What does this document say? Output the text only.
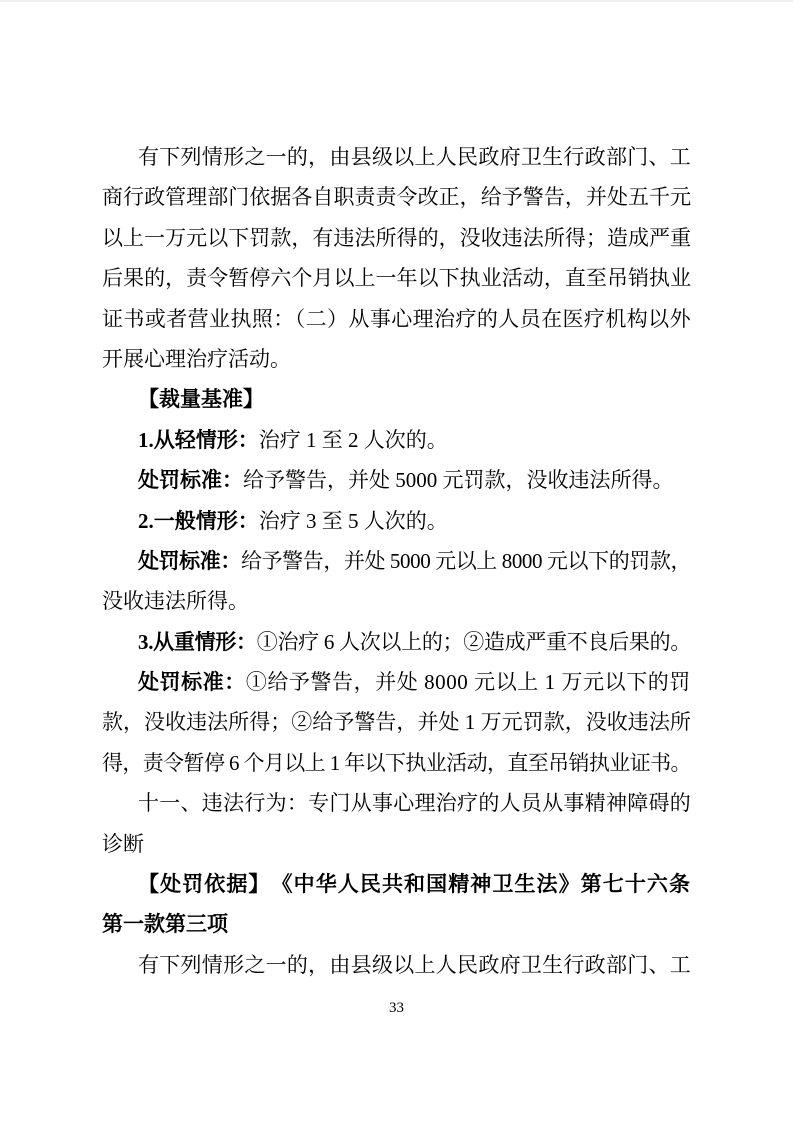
有下列情形之一的，由县级以上人民政府卫生行政部门、工
商行政管理部门依据各自职责责令改正，给予警告，并处五千元
以上一万元以下罚款，有违法所得的，没收违法所得；造成严重
后果的，责令暂停六个月以上一年以下执业活动，直至吊销执业
证书或者营业执照：（二）从事心理治疗的人员在医疗机构以外
开展心理治疗活动。
【裁量基准】
1.从轻情形：治疗 1 至 2 人次的。
处罚标准：给予警告，并处 5000 元罚款，没收违法所得。
2.一般情形：治疗 3 至 5 人次的。
处罚标准：给予警告，并处 5000 元以上 8000 元以下的罚款，
没收违法所得。
3.从重情形：①治疗 6 人次以上的；②造成严重不良后果的。
处罚标准：①给予警告，并处 8000 元以上 1 万元以下的罚
款，没收违法所得；②给予警告，并处 1 万元罚款，没收违法所
得，责令暂停 6 个月以上 1 年以下执业活动，直至吊销执业证书。
十一、违法行为：专门从事心理治疗的人员从事精神障碍的
诊断
【处罚依据】　《中华人民共和国精神卫生法》第七十六条
第一款第三项
有下列情形之一的，由县级以上人民政府卫生行政部门、工
33
